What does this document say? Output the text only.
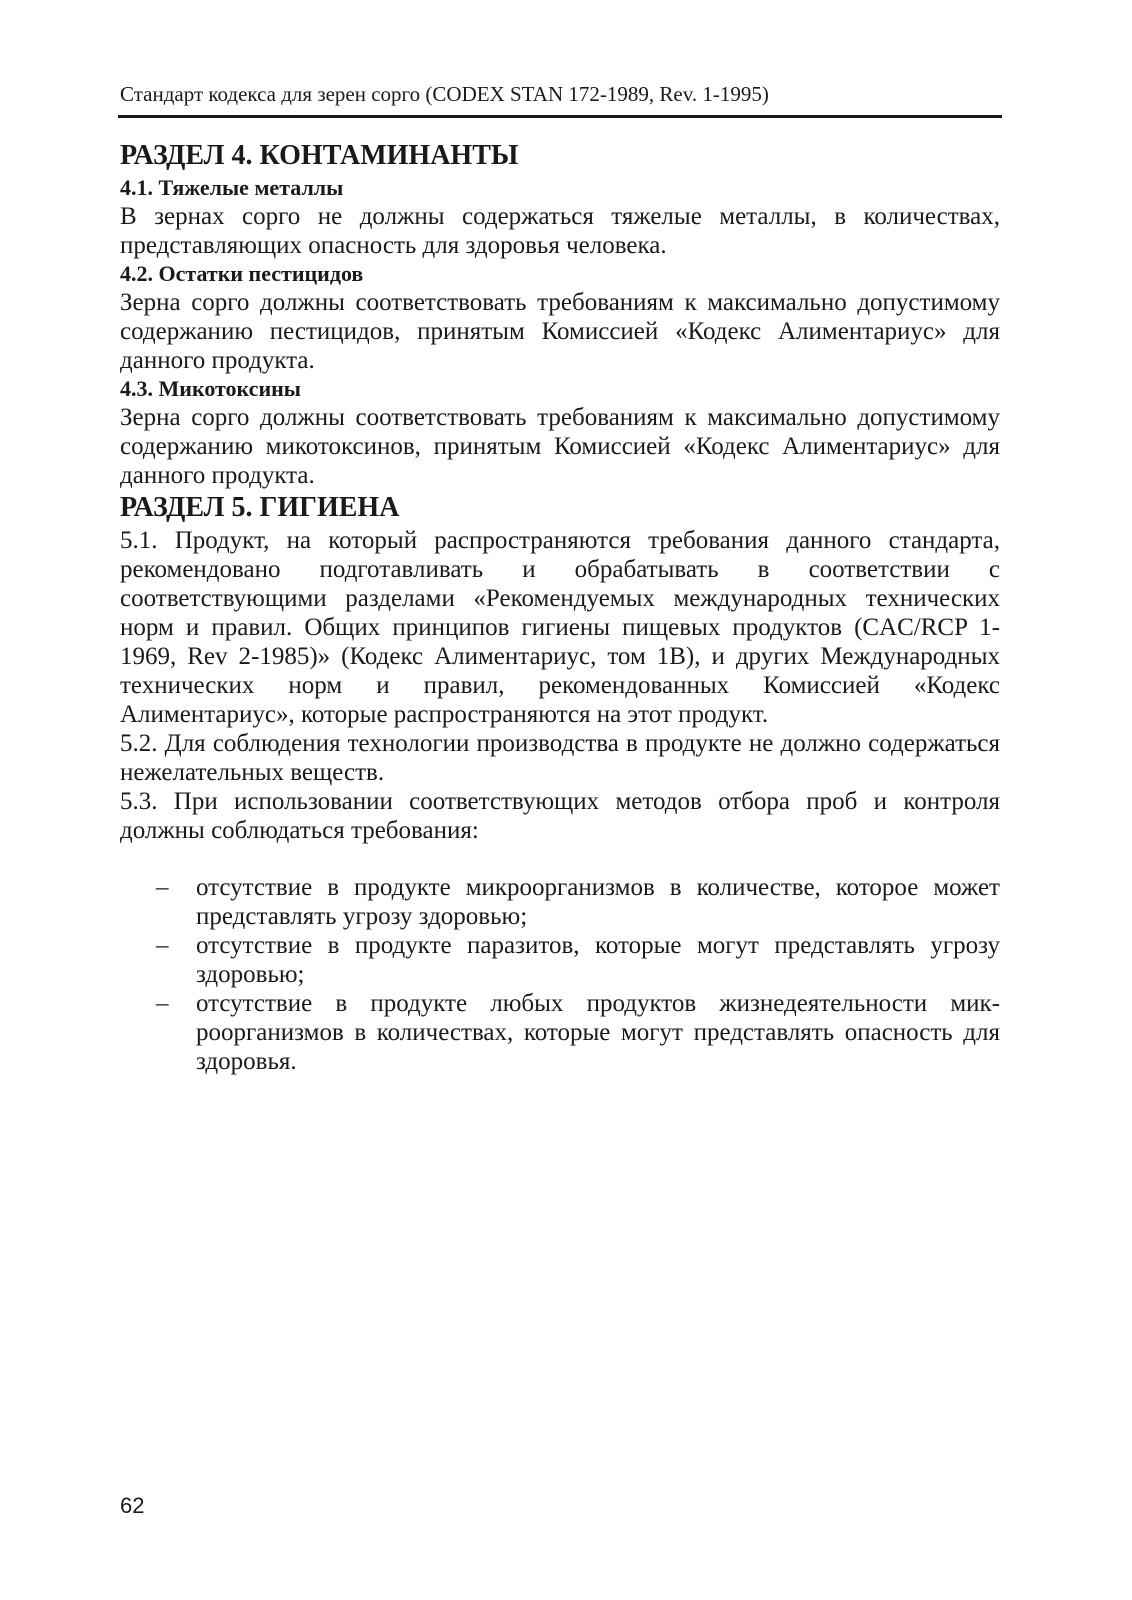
Стандарт кодекса для зерен сорго (CODEX STAN 172-1989, Rev. 1-1995)
РАЗДЕЛ 4. КОНТАМИНАНТЫ
4.1. Тяжелые металлы

В зернах сорго не должны содержаться тяжелые металлы, в количествах, представляющих опасность для здоровья человека.

4.2. Остатки пестицидов

Зерна сорго должны соответствовать требованиям к максимально допустимому содержанию пестицидов, принятым Комиссией «Кодекс Алиментариус» для данного продукта.

4.3. Микотоксины

Зерна сорго должны соответствовать требованиям к максимально допустимому содержанию микотоксинов, принятым Комиссией «Кодекс Алиментариус» для данного продукта.

РАЗДЕЛ 5. ГИГИЕНА

5.1. Продукт, на который распространяются требования данного стандарта, рекомендовано подготавливать и обрабатывать в соответствии с соответствующими разделами «Рекомендуемых международных технических норм и правил. Общих принципов гигиены пищевых продуктов (CAC/RCP 1-1969, Rev 2-1985)» (Кодекс Алиментариус, том 1В), и других Международных технических норм и правил, рекомендованных Комиссией «Кодекс Алиментариус», которые распространяются на этот продукт.

5.2. Для соблюдения технологии производства в продукте не должно содержаться нежелательных веществ.

5.3. При использовании соответствующих методов отбора проб и контроля должны соблюдаться требования:

– отсутствие в продукте микроорганизмов в количестве, которое может представлять угрозу здоровью;
– отсутствие в продукте паразитов, которые могут представлять угрозу здоровью;
– отсутствие в продукте любых продуктов жизнедеятельности микроорганизмов в количествах, которые могут представлять опасность для здоровья.
62
